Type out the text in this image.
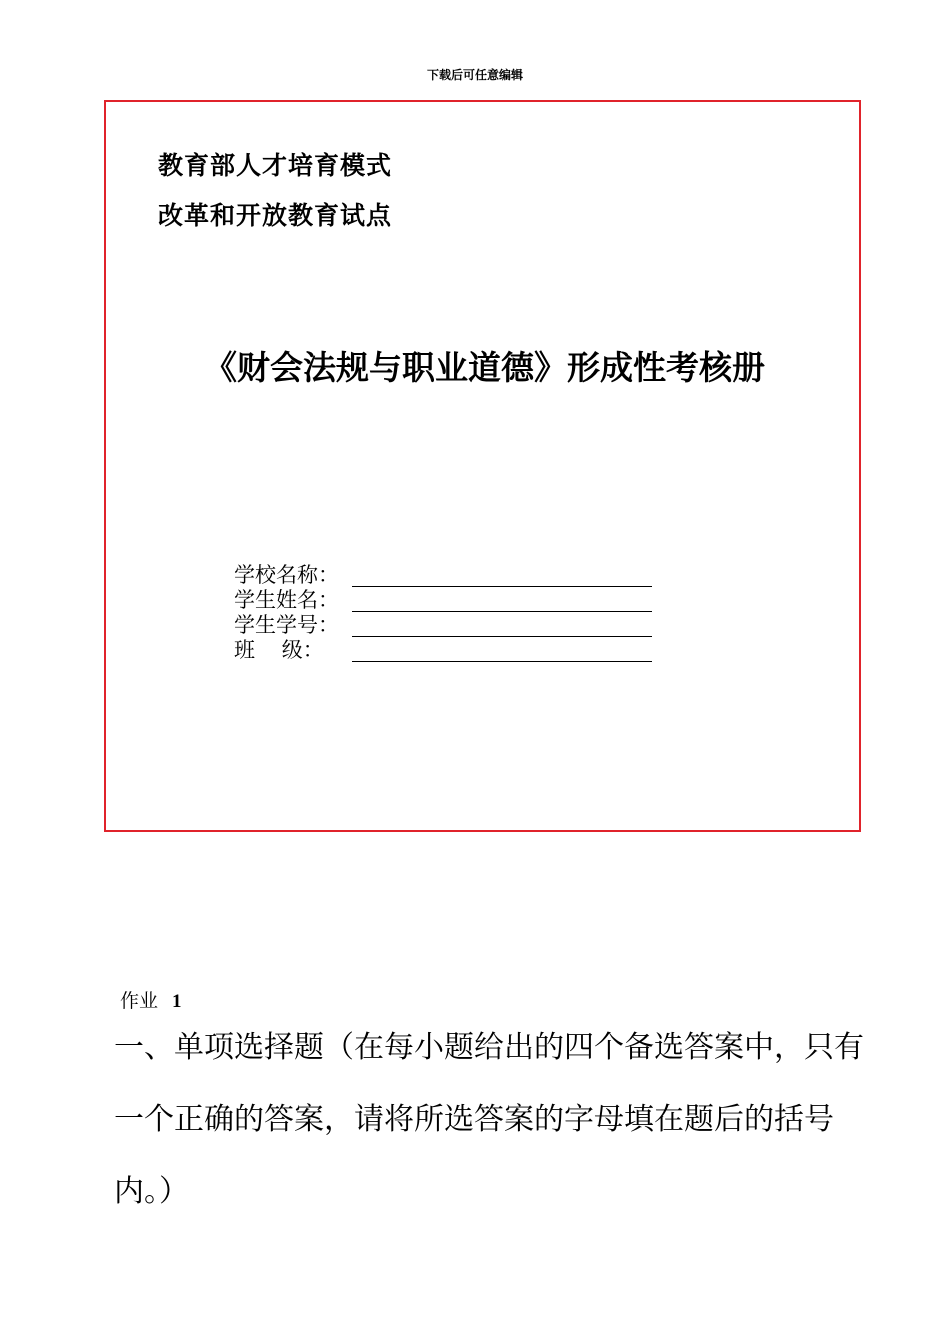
下载后可任意编辑
教育部人才培育模式
改革和开放教育试点
《财会法规与职业道德》形成性考核册
学校名称：
学生姓名：
学生学号：
班    级：
作业 1
一、单项选择题（在每小题给出的四个备选答案中，只有一个正确的答案，请将所选答案的字母填在题后的括号内。）
